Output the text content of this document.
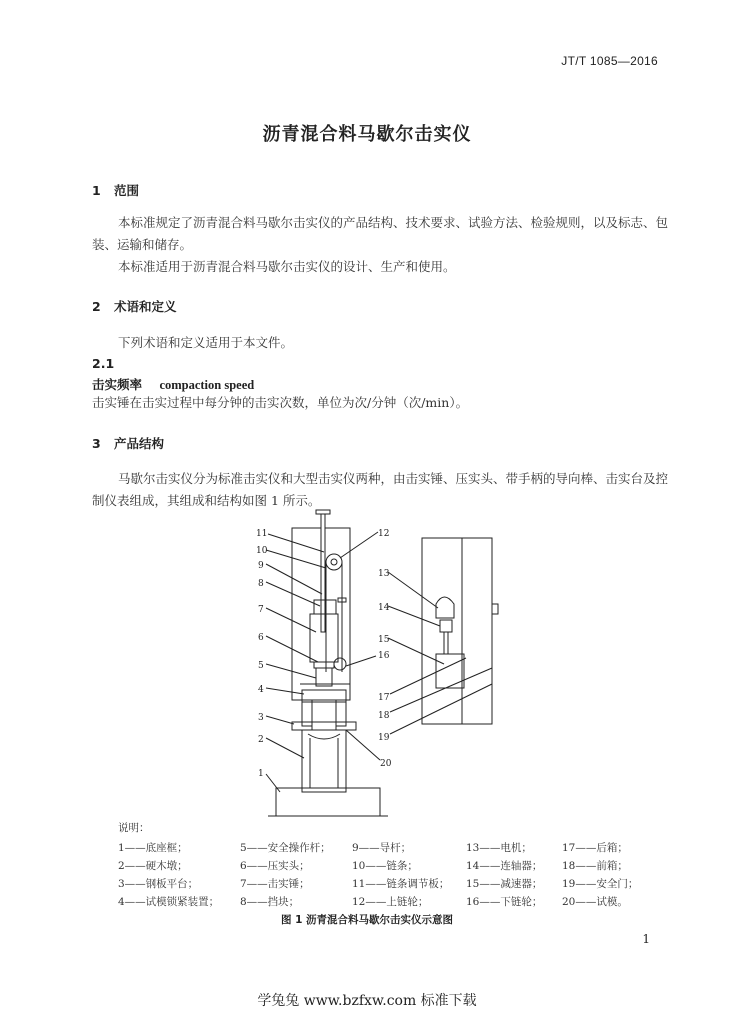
JT/T 1085—2016
沥青混合料马歇尔击实仪
1 范围
本标准规定了沥青混合料马歇尔击实仪的产品结构、技术要求、试验方法、检验规则，以及标志、包
装、运输和储存。
本标准适用于沥青混合料马歇尔击实仪的设计、生产和使用。
2 术语和定义
下列术语和定义适用于本文件。
2.1
击实频率 compaction speed
击实锤在击实过程中每分钟的击实次数，单位为次/分钟（次/min）。
3 产品结构
马歇尔击实仪分为标准击实仪和大型击实仪两种，由击实锤、压实头、带手柄的导向棒、击实台及控
制仪表组成，其组成和结构如图 1 所示。
11
10
9
8
7
6
5
4
3
2
1
12
13
14
15
16
17
18
19
20
说明：
1——底座框；	5——安全操作杆；	9——导杆；	13——电机；	17——后箱；
2——硬木墩；	6——压实头；	10——链条；	14——连轴器；	18——前箱；
3——钢板平台；	7——击实锤；	11——链条调节板；	15——减速器；	19——安全门；
4——试模锁紧装置；	8——挡块；	12——上链轮；	16——下链轮；	20——试模。
图 1 沥青混合料马歇尔击实仪示意图
1
学兔兔 www.bzfxw.com 标准下载
